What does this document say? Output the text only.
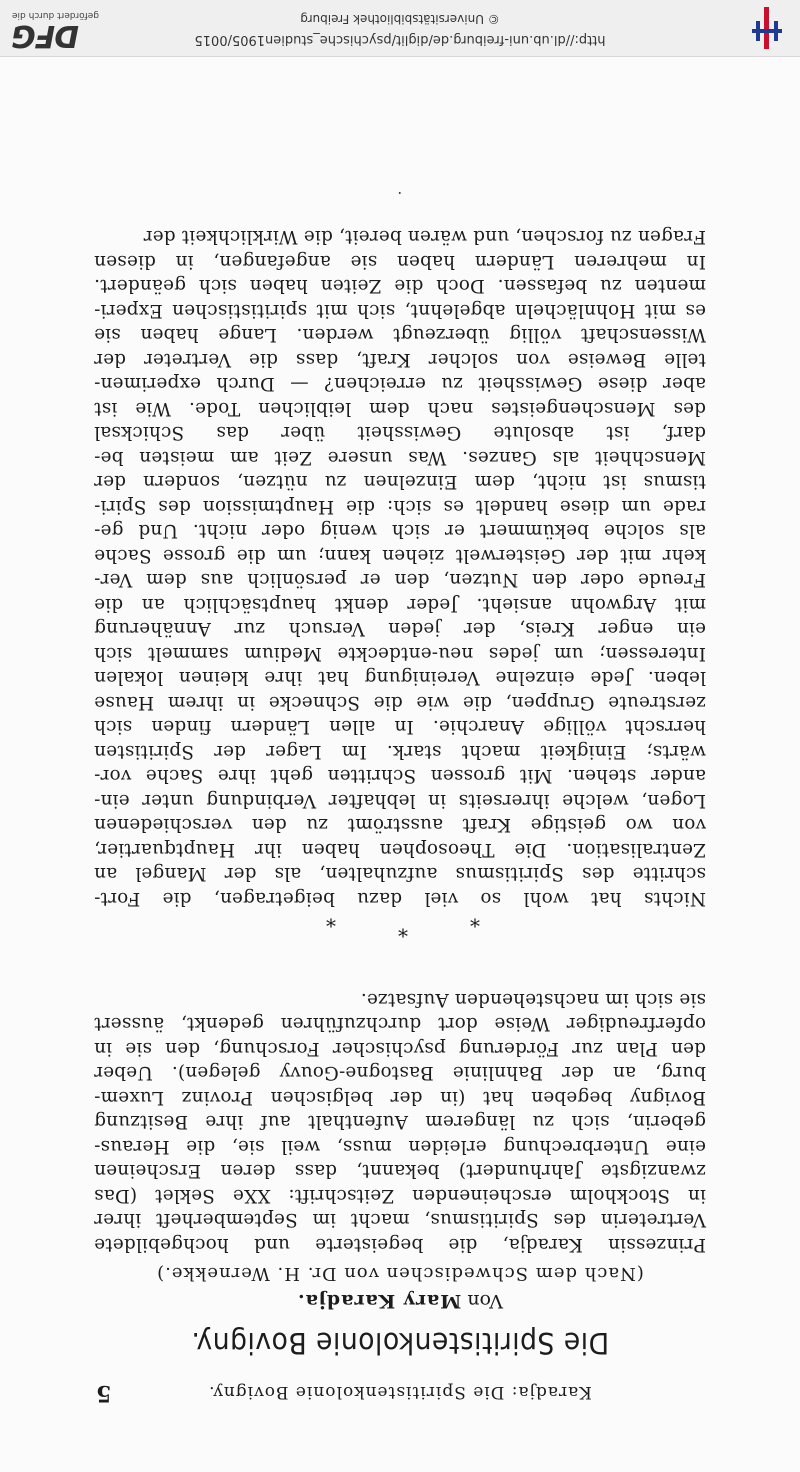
Karadja: Die Spiritistenkolonie Bovigny.
5
Die Spiritistenkolonie Bovigny.
Von Mary Karadja.
(Nach dem Schwedischen von Dr. H. Wernekke.)

Prinzessin Karadja, die begeisterte und hochgebildete
Vertreterin des Spiritismus, macht im Septemberheft ihrer
in Stockholm erscheinenden Zeitschrift: XXe Seklet (Das
zwanzigste Jahrhundert) bekannt, dass deren Erscheinen
eine Unterbrechung erleiden muss, weil sie, die Heraus-
geberin, sich zu längerem Aufenthalt auf ihre Besitzung
Bovigny begeben hat (in der belgischen Provinz Luxem-
burg, an der Bahnlinie Bastogne-Gouvy gelegen). Ueber
den Plan zur Förderung psychischer Forschung, den sie in
opferfreudiger Weise dort durchzuführen gedenkt, äussert
sie sich im nachstehenden Aufsatze.

*
*
*

Nichts hat wohl so viel dazu beigetragen, die Fort-
schritte des Spiritismus aufzuhalten, als der Mangel an
Zentralisation. Die Theosophen haben ihr Hauptquartier,
von wo geistige Kraft ausströmt zu den verschiedenen
Logen, welche ihrerseits in lebhafter Verbindung unter ein-
ander stehen. Mit grossen Schritten geht ihre Sache vor-
wärts; Einigkeit macht stark. Im Lager der Spiritisten
herrscht völlige Anarchie. In allen Ländern finden sich
zerstreute Gruppen, die wie die Schnecke in ihrem Hause
leben. Jede einzelne Vereinigung hat ihre kleinen lokalen
Interessen; um jedes neu-entdeckte Medium sammelt sich
ein enger Kreis, der jeden Versuch zur Annäherung
mit Argwohn ansieht. Jeder denkt hauptsächlich an die
Freude oder den Nutzen, den er persönlich aus dem Ver-
kehr mit der Geisterwelt ziehen kann; um die grosse Sache
als solche bekümmert er sich wenig oder nicht. Und ge-
rade um diese handelt es sich: die Hauptmission des Spiri-
tismus ist nicht, dem Einzelnen zu nützen, sondern der
Menschheit als Ganzes. Was unsere Zeit am meisten be-
darf, ist absolute Gewissheit über das Schicksal
des Menschengeistes nach dem leiblichen Tode. Wie ist
aber diese Gewissheit zu erreichen? — Durch experimen-
telle Beweise von solcher Kraft, dass die Vertreter der
Wissenschaft völlig überzeugt werden. Lange haben sie
es mit Hohnlächeln abgelehnt, sich mit spiritistischen Experi-
menten zu befassen. Doch die Zeiten haben sich geändert.
In mehreren Ländern haben sie angefangen, in diesen
Fragen zu forschen, und wären bereit, die Wirklichkeit der

.
http://dl.ub.uni-freiburg.de/diglit/psychische_studien1905/0015
© Universitätsbibliothek Freiburg
DFG
gefördert durch die
